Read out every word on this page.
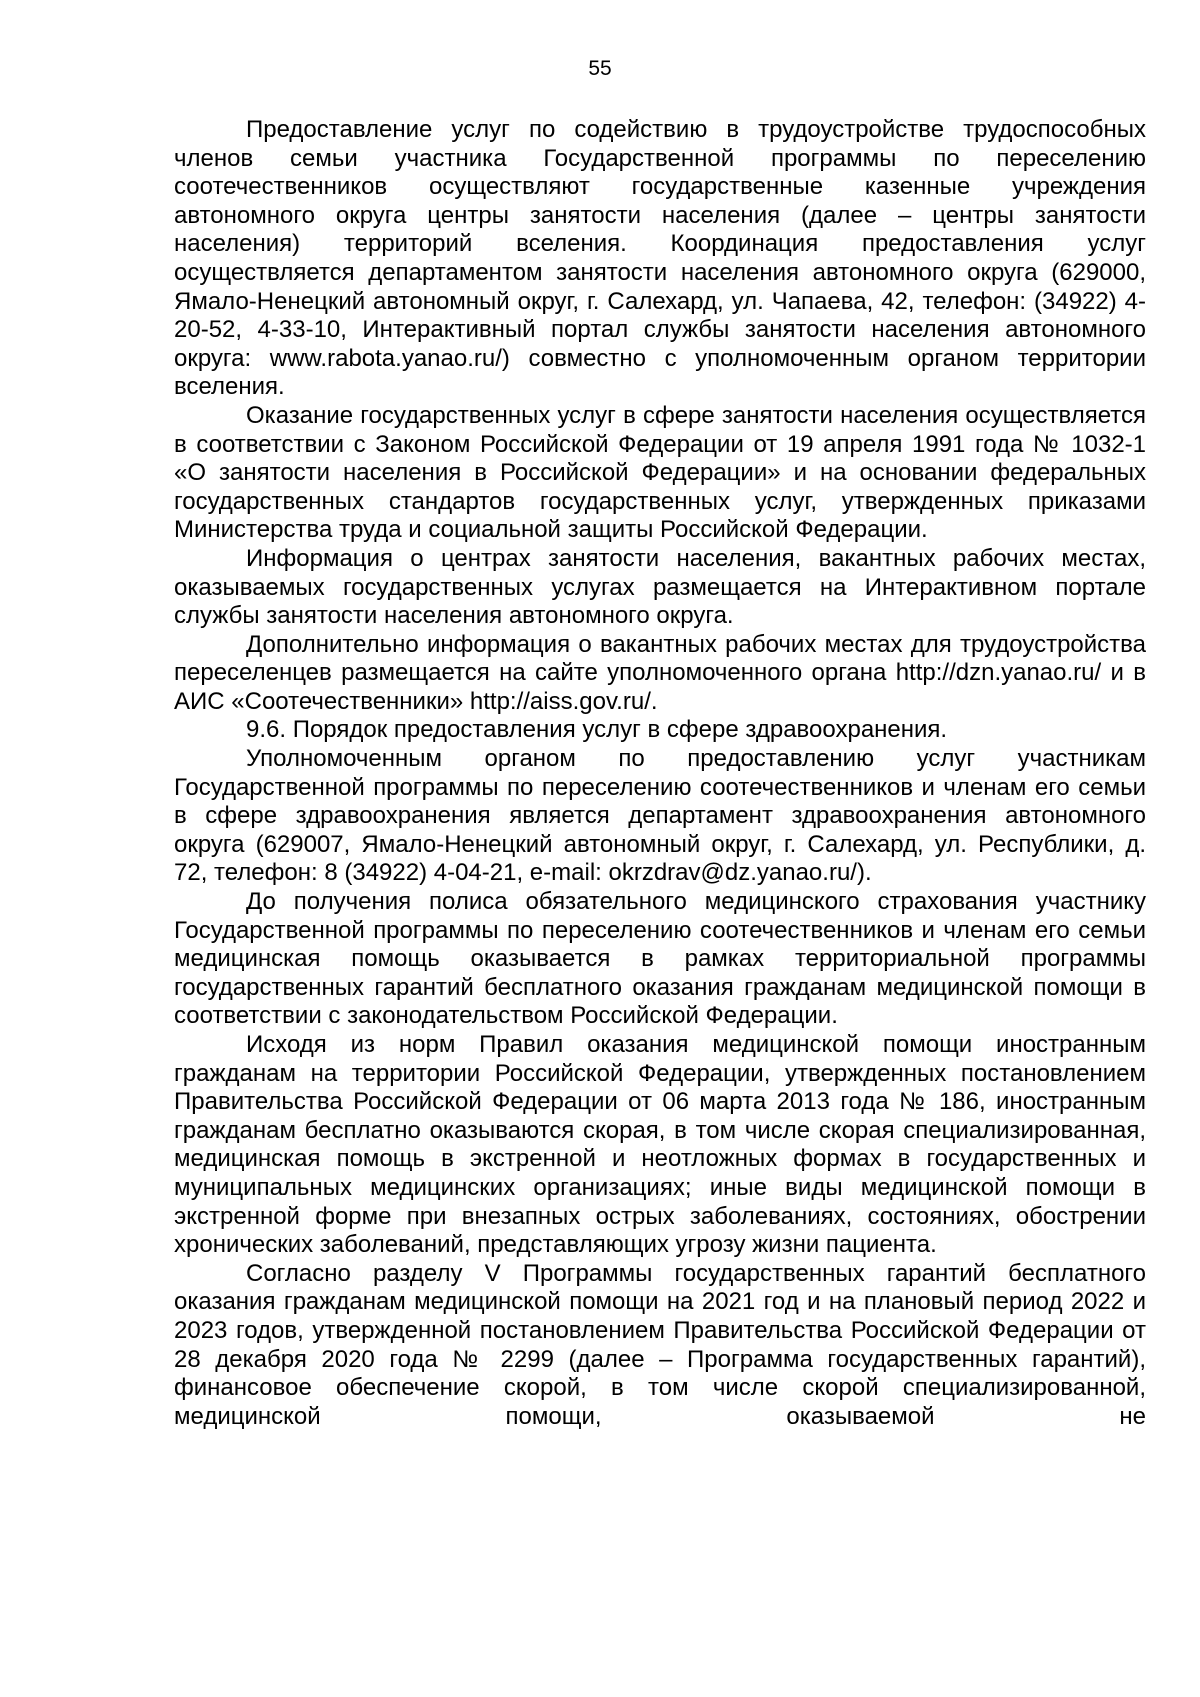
55

Предоставление услуг по содействию в трудоустройстве трудоспособных членов семьи участника Государственной программы по переселению соотечественников осуществляют государственные казенные учреждения автономного округа центры занятости населения (далее – центры занятости населения) территорий вселения. Координация предоставления услуг осуществляется департаментом занятости населения автономного округа (629000, Ямало-Ненецкий автономный округ, г. Салехард, ул. Чапаева, 42, телефон: (34922) 4-20-52, 4-33-10, Интерактивный портал службы занятости населения автономного округа: www.rabota.yanao.ru/) совместно с уполномоченным органом территории вселения.

Оказание государственных услуг в сфере занятости населения осуществляется в соответствии с Законом Российской Федерации от 19 апреля 1991 года № 1032-1 «О занятости населения в Российской Федерации» и на основании федеральных государственных стандартов государственных услуг, утвержденных приказами Министерства труда и социальной защиты Российской Федерации.

Информация о центрах занятости населения, вакантных рабочих местах, оказываемых государственных услугах размещается на Интерактивном портале службы занятости населения автономного округа.

Дополнительно информация о вакантных рабочих местах для трудоустройства переселенцев размещается на сайте уполномоченного органа http://dzn.yanao.ru/ и в АИС «Соотечественники» http://aiss.gov.ru/.

9.6. Порядок предоставления услуг в сфере здравоохранения.

Уполномоченным органом по предоставлению услуг участникам Государственной программы по переселению соотечественников и членам его семьи в сфере здравоохранения является департамент здравоохранения автономного округа (629007, Ямало-Ненецкий автономный округ, г. Салехард, ул. Республики, д. 72, телефон: 8 (34922) 4-04-21, e-mail: okrzdrav@dz.yanao.ru/).

До получения полиса обязательного медицинского страхования участнику Государственной программы по переселению соотечественников и членам его семьи медицинская помощь оказывается в рамках территориальной программы государственных гарантий бесплатного оказания гражданам медицинской помощи в соответствии с законодательством Российской Федерации.

Исходя из норм Правил оказания медицинской помощи иностранным гражданам на территории Российской Федерации, утвержденных постановлением Правительства Российской Федерации от 06 марта 2013 года № 186, иностранным гражданам бесплатно оказываются скорая, в том числе скорая специализированная, медицинская помощь в экстренной и неотложных формах в государственных и муниципальных медицинских организациях; иные виды медицинской помощи в экстренной форме при внезапных острых заболеваниях, состояниях, обострении хронических заболеваний, представляющих угрозу жизни пациента.

Согласно разделу V Программы государственных гарантий бесплатного оказания гражданам медицинской помощи на 2021 год и на плановый период 2022 и 2023 годов, утвержденной постановлением Правительства Российской Федерации от 28 декабря 2020 года № 2299 (далее – Программа государственных гарантий), финансовое обеспечение скорой, в том числе скорой специализированной, медицинской помощи, оказываемой не
